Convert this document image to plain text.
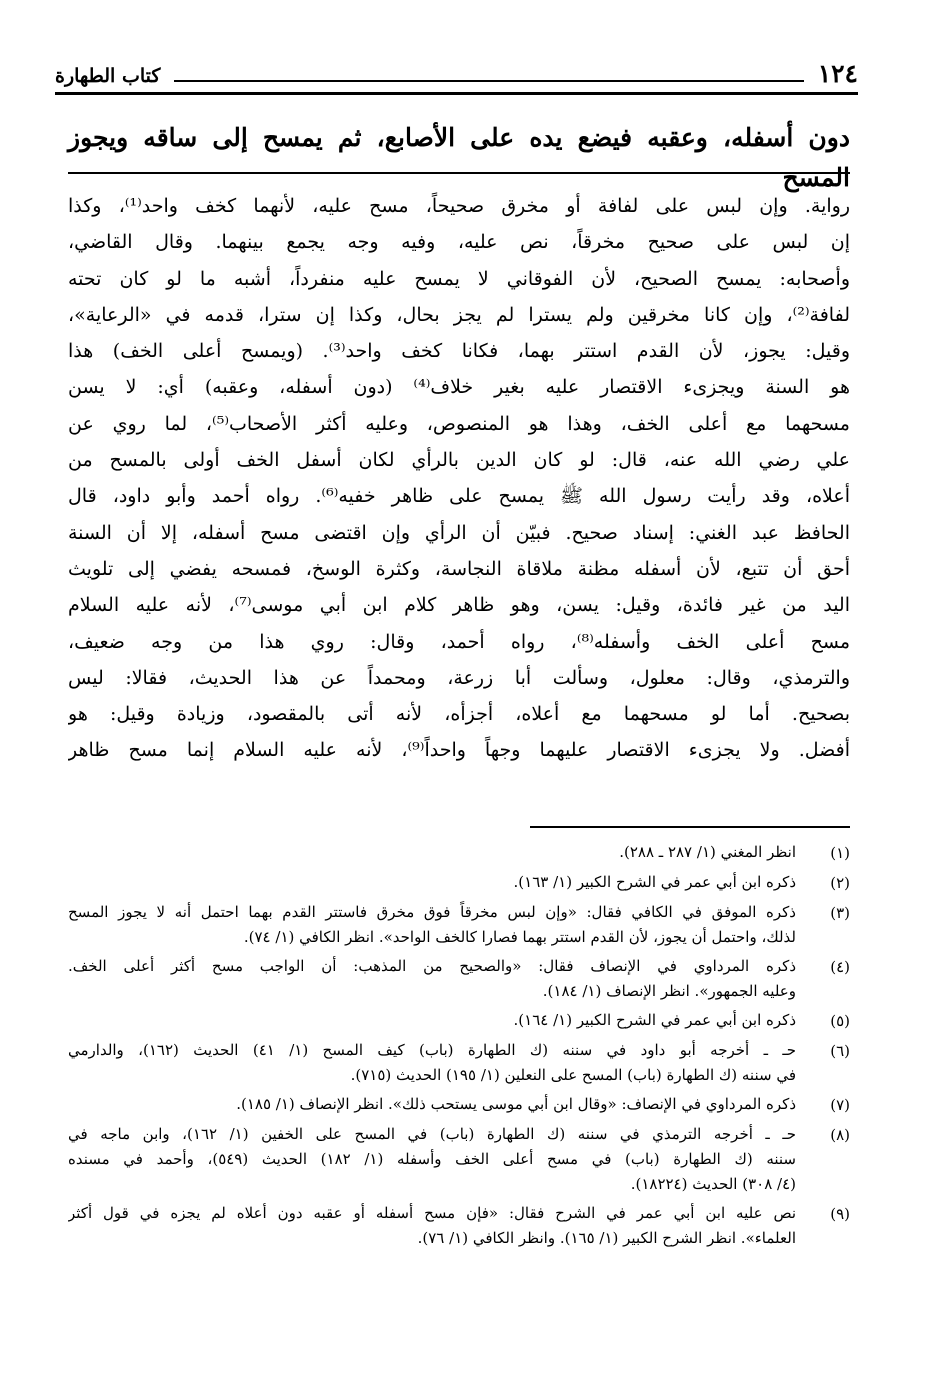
١٢٤
كتاب الطهارة
دون أسفله، وعقبه فيضع يده على الأصابع، ثم يمسح إلى ساقه ويجوز المسح
رواية. وإن لبس على لفافة أو مخرق صحيحاً، مسح عليه، لأنهما كخف واحد⁽¹⁾، وكذا
إن لبس على صحيح مخرقاً، نص عليه، وفيه وجه يجمع بينهما. وقال القاضي،
وأصحابه: يمسح الصحيح، لأن الفوقاني لا يمسح عليه منفرداً، أشبه ما لو كان تحته
لفافة⁽²⁾، وإن كانا مخرقين ولم يسترا لم يجز بحال، وكذا إن سترا، قدمه في «الرعاية»،
وقيل: يجوز، لأن القدم استتر بهما، فكانا كخف واحد⁽³⁾. (ويمسح أعلى الخف) هذا
هو السنة ويجزىء الاقتصار عليه بغير خلاف⁽⁴⁾ (دون أسفله، وعقبه) أي: لا يسن
مسحهما مع أعلى الخف، وهذا هو المنصوص، وعليه أكثر الأصحاب⁽⁵⁾، لما روي عن
علي رضي الله عنه، قال: لو كان الدين بالرأي لكان أسفل الخف أولى بالمسح من
أعلاه، وقد رأيت رسول الله ﷺ يمسح على ظاهر خفيه⁽⁶⁾. رواه أحمد وأبو داود، قال
الحافظ عبد الغني: إسناد صحيح. فبيّن أن الرأي وإن اقتضى مسح أسفله، إلا أن السنة
أحق أن تتبع، لأن أسفله مظنة ملاقاة النجاسة، وكثرة الوسخ، فمسحه يفضي إلى تلويث
اليد من غير فائدة، وقيل: يسن، وهو ظاهر كلام ابن أبي موسى⁽⁷⁾، لأنه عليه السلام
مسح أعلى الخف وأسفله⁽⁸⁾، رواه أحمد، وقال: روي هذا من وجه ضعيف،
والترمذي، وقال: معلول، وسألت أبا زرعة، ومحمداً عن هذا الحديث، فقالا: ليس
بصحيح. أما لو مسحهما مع أعلاه، أجزأه، لأنه أتى بالمقصود، وزيادة وقيل: هو
أفضل. ولا يجزىء الاقتصار عليهما وجهاً واحداً⁽⁹⁾، لأنه عليه السلام إنما مسح ظاهر
(١)
انظر المغني (١/ ٢٨٧ ـ ٢٨٨).
(٢)
ذكره ابن أبي عمر في الشرح الكبير (١/ ١٦٣).
(٣)
ذكره الموفق في الكافي فقال: «وإن لبس مخرقاً فوق مخرق فاستتر القدم بهما احتمل أنه لا يجوز المسح
لذلك، واحتمل أن يجوز، لأن القدم استتر بهما فصارا كالخف الواحد». انظر الكافي (١/ ٧٤).
(٤)
ذكره المرداوي في الإنصاف فقال: «والصحيح من المذهب: أن الواجب مسح أكثر أعلى الخف.
وعليه الجمهور». انظر الإنصاف (١/ ١٨٤).
(٥)
ذكره ابن أبي عمر في الشرح الكبير (١/ ١٦٤).
(٦)
حـ ـ أخرجه أبو داود في سننه (ك الطهارة (باب) كيف المسح (١/ ٤١) الحديث (١٦٢)، والدارمي
في سننه (ك الطهارة (باب) المسح على النعلين (١/ ١٩٥) الحديث (٧١٥).
(٧)
ذكره المرداوي في الإنصاف: «وقال ابن أبي موسى يستحب ذلك». انظر الإنصاف (١/ ١٨٥).
(٨)
حـ ـ أخرجه الترمذي في سننه (ك الطهارة (باب) في المسح على الخفين (١/ ١٦٢)، وابن ماجه في
سننه (ك الطهارة (باب) في مسح أعلى الخف وأسفله (١/ ١٨٢) الحديث (٥٤٩)، وأحمد في مسنده
(٤/ ٣٠٨) الحديث (١٨٢٢٤).
(٩)
نص عليه ابن أبي عمر في الشرح فقال: «فإن مسح أسفله أو عقبه دون أعلاه لم يجزه في قول أكثر
العلماء». انظر الشرح الكبير (١/ ١٦٥). وانظر الكافي (١/ ٧٦).
